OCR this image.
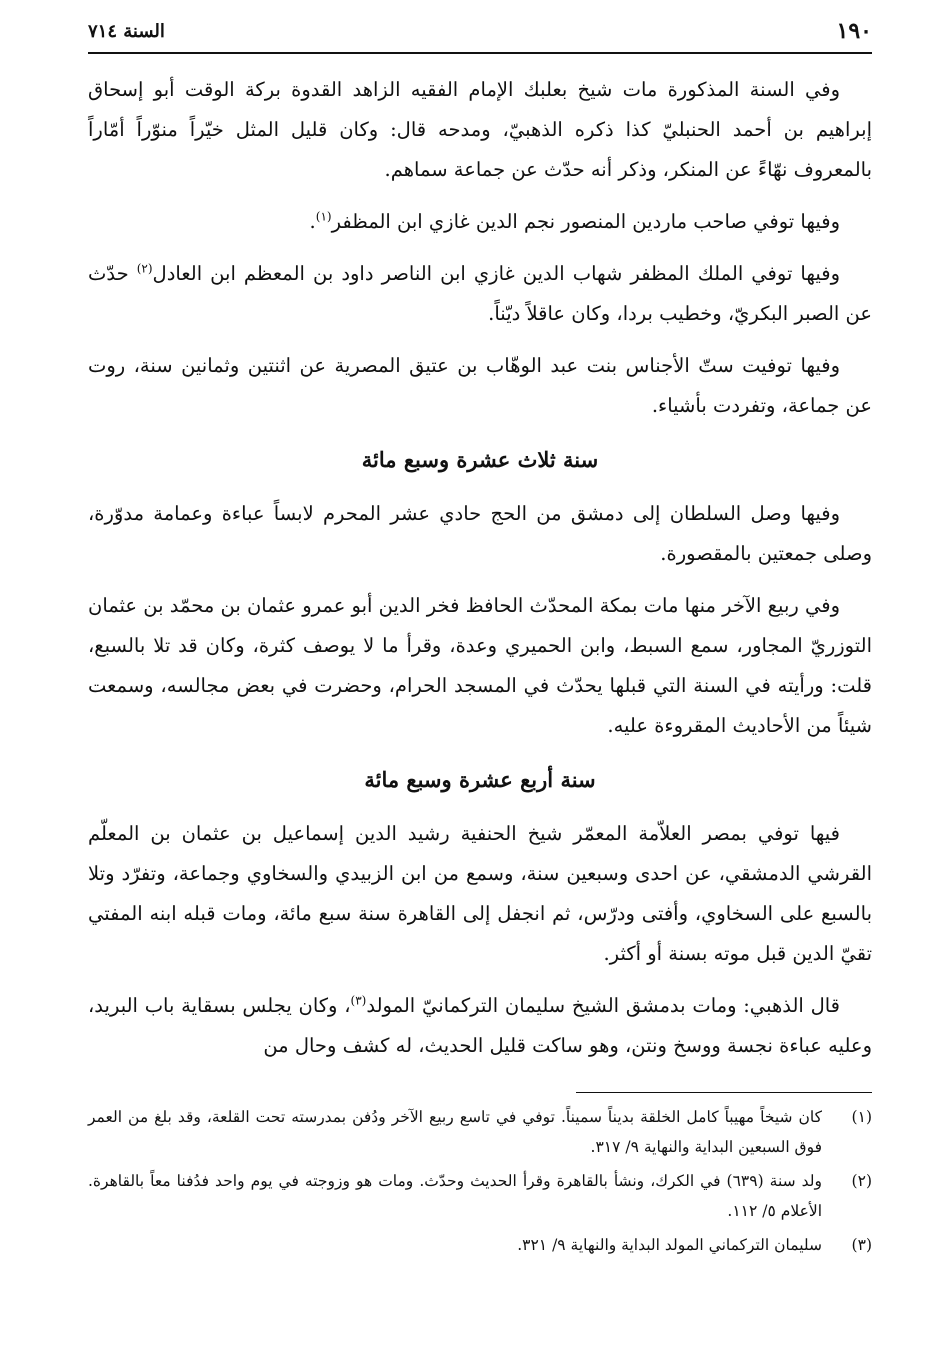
١٩٠
السنة ٧١٤

وفي السنة المذكورة مات شيخ بعلبك الإمام الفقيه الزاهد القدوة بركة الوقت أبو إسحاق إبراهيم بن أحمد الحنبليّ كذا ذكره الذهبيّ، ومدحه قال: وكان قليل المثل خيّراً منوّراً أمّاراً بالمعروف نهّاءً عن المنكر، وذكر أنه حدّث عن جماعة سماهم.

وفيها توفي صاحب ماردين المنصور نجم الدين غازي ابن المظفر$^{(١)}$.

وفيها توفي الملك المظفر شهاب الدين غازي ابن الناصر داود بن المعظم ابن العادل$^{(٢)}$ حدّث عن الصبر البكريّ، وخطيب بردا، وكان عاقلاً ديّناً.

وفيها توفيت ستّ الأجناس بنت عبد الوهّاب بن عتيق المصرية عن اثنتين وثمانين سنة، روت عن جماعة، وتفردت بأشياء.

سنة ثلاث عشرة وسبع مائة

وفيها وصل السلطان إلى دمشق من الحج حادي عشر المحرم لابساً عباءة وعمامة مدوّرة، وصلى جمعتين بالمقصورة.

وفي ربيع الآخر منها مات بمكة المحدّث الحافظ فخر الدين أبو عمرو عثمان بن محمّد بن عثمان التوزريّ المجاور، سمع السبط، وابن الحميري وعدة، وقرأ ما لا يوصف كثرة، وكان قد تلا بالسبع، قلت: ورأيته في السنة التي قبلها يحدّث في المسجد الحرام، وحضرت في بعض مجالسه، وسمعت شيئاً من الأحاديث المقروءة عليه.

سنة أربع عشرة وسبع مائة

فيها توفي بمصر العلاّمة المعمّر شيخ الحنفية رشيد الدين إسماعيل بن عثمان بن المعلّم القرشي الدمشقي، عن احدى وسبعين سنة، وسمع من ابن الزبيدي والسخاوي وجماعة، وتفرّد وتلا بالسبع على السخاوي، وأفتى ودرّس، ثم انجفل إلى القاهرة سنة سبع مائة، ومات قبله ابنه المفتي تقيّ الدين قبل موته بسنة أو أكثر.

قال الذهبي: ومات بدمشق الشيخ سليمان التركمانيّ المولد$^{(٣)}$، وكان يجلس بسقاية باب البريد، وعليه عباءة نجسة ووسخ ونتن، وهو ساكت قليل الحديث، له كشف وحال من

(١)
كان شيخاً مهيباً كامل الخلقة بديناً سميناً. توفي في تاسع ربيع الآخر ودُفن بمدرسته تحت القلعة، وقد بلغ من العمر فوق السبعين البداية والنهاية ٩/ ٣١٧.
(٢)
ولد سنة (٦٣٩) في الكرك، ونشأ بالقاهرة وقرأ الحديث وحدّث. ومات هو وزوجته في يوم واحد فدُفنا معاً بالقاهرة. الأعلام ٥/ ١١٢.
(٣)
سليمان التركماني المولد البداية والنهاية ٩/ ٣٢١.
